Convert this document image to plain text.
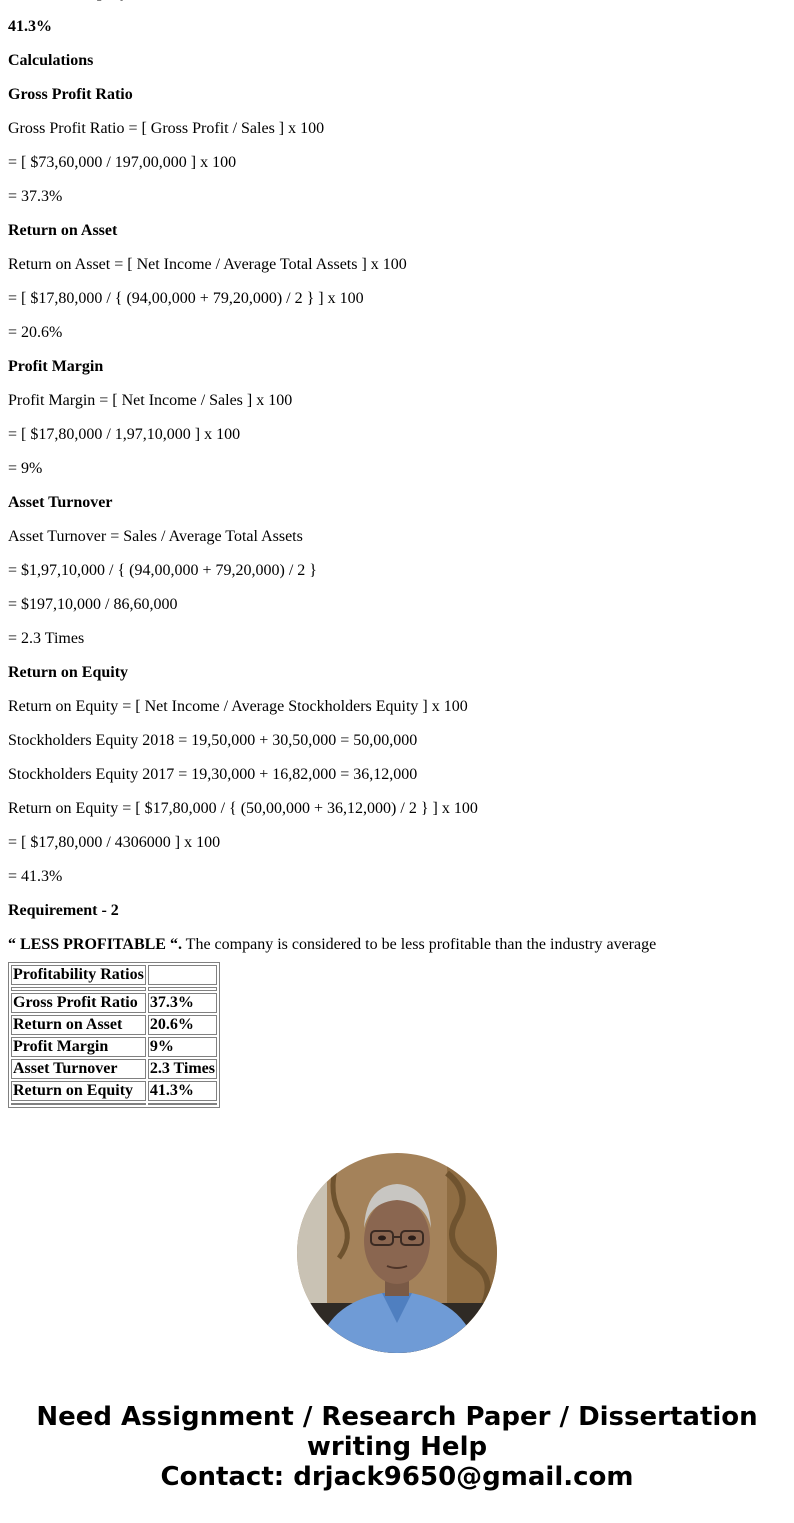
41.3%

Calculations

Gross Profit Ratio

Gross Profit Ratio = [ Gross Profit / Sales ] x 100

= [ $73,60,000 / 197,00,000 ] x 100

= 37.3%

Return on Asset

Return on Asset = [ Net Income / Average Total Assets ] x 100

= [ $17,80,000 / { (94,00,000 + 79,20,000) / 2 } ] x 100

= 20.6%

Profit Margin

Profit Margin = [ Net Income / Sales ] x 100

= [ $17,80,000 / 1,97,10,000 ] x 100

= 9%

Asset Turnover

Asset Turnover = Sales / Average Total Assets

= $1,97,10,000 / { (94,00,000 + 79,20,000) / 2 }

= $197,10,000 / 86,60,000

= 2.3 Times

Return on Equity

Return on Equity = [ Net Income / Average Stockholders Equity ] x 100

Stockholders Equity 2018 = 19,50,000 + 30,50,000 = 50,00,000

Stockholders Equity 2017 = 19,30,000 + 16,82,000 = 36,12,000

Return on Equity = [ $17,80,000 / { (50,00,000 + 36,12,000) / 2 } ] x 100

= [ $17,80,000 / 4306000 ] x 100

= 41.3%

Requirement - 2

“ LESS PROFITABLE “. The company is considered to be less profitable than the industry average

Profitability Ratios	

Gross Profit Ratio	37.3%
Return on Asset	20.6%
Profit Margin	9%
Asset Turnover	2.3 Times
Return on Equity	41.3%

Need Assignment / Research Paper / Dissertation
writing Help
Contact: drjack9650@gmail.com
